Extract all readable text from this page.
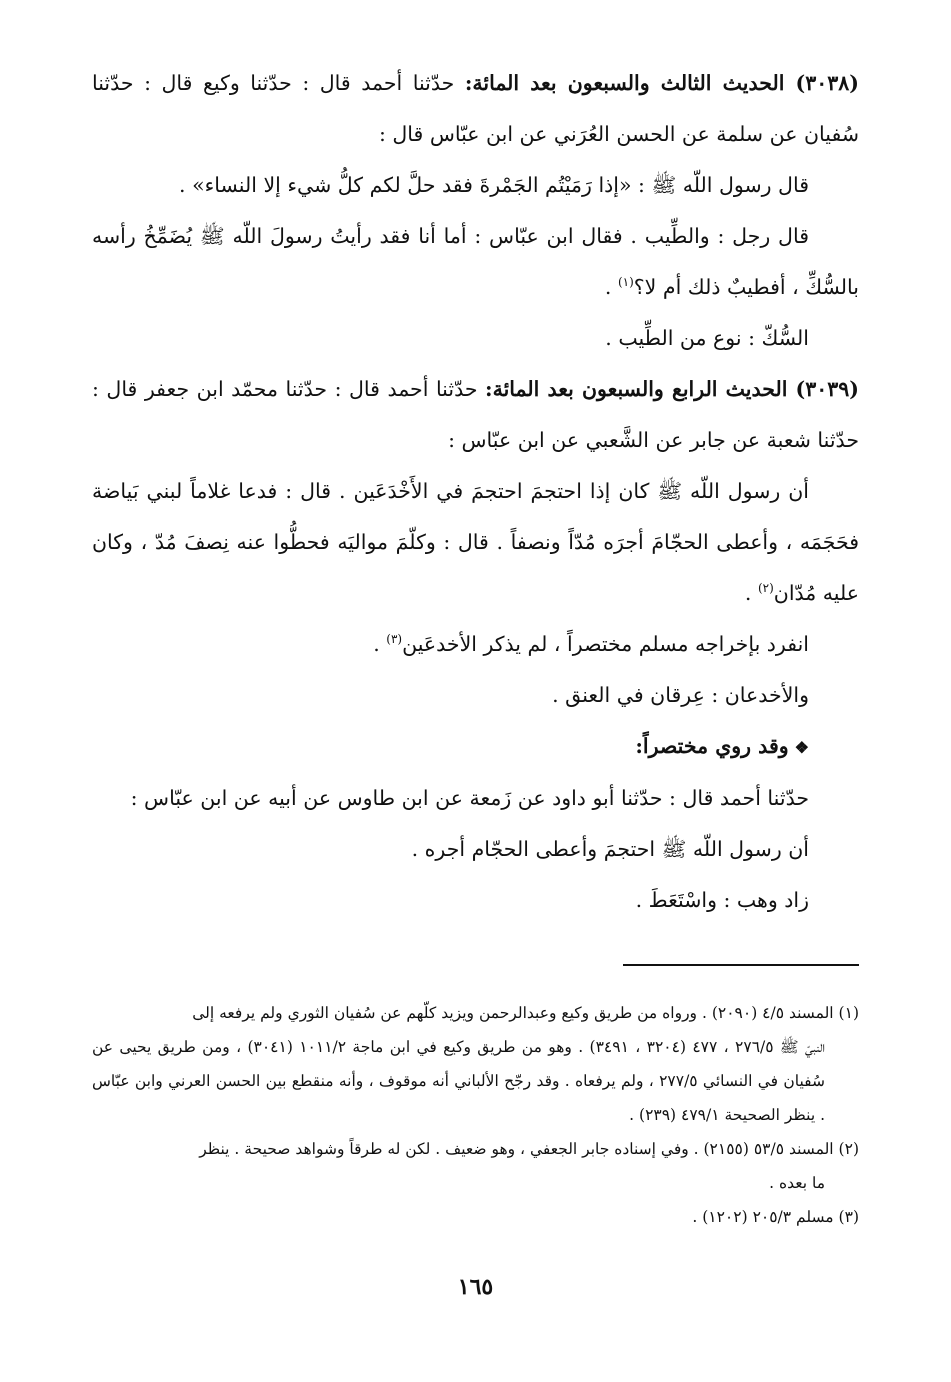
(٣٠٣٨) الحديث الثالث والسبعون بعد المائة: حدّثنا أحمد قال : حدّثنا وكيع قال : حدّثنا سُفيان عن سلمة عن الحسن العُرَني عن ابن عبّاس قال :

قال رسول اللّه ﷺ : «إذا رَمَيْتُم الجَمْرةَ فقد حلَّ لكم كلُّ شيء إلا النساء» .

قال رجل : والطِّيب . فقال ابن عبّاس : أما أنا فقد رأيتُ رسولَ اللّه ﷺ يُضَمِّخُ رأسه بالسُّكِّ ، أفطيبٌ ذلك أم لا؟$^{(١)}$ .

السُّكّ : نوع من الطِّيب .

(٣٠٣٩) الحديث الرابع والسبعون بعد المائة: حدّثنا أحمد قال : حدّثنا محمّد ابن جعفر قال : حدّثنا شعبة عن جابر عن الشَّعبي عن ابن عبّاس :

أن رسول اللّه ﷺ كان إذا احتجمَ احتجمَ في الأَخْدَعَين . قال : فدعا غلاماً لبني بَياضة فحَجَمَه ، وأعطى الحجّامَ أجرَه مُدّاً ونصفاً . قال : وكلّمَ مواليَه فحطُّوا عنه نِصفَ مُدّ ، وكان عليه مُدّان$^{(٢)}$ .

انفرد بإخراجه مسلم مختصراً ، لم يذكر الأخدعَين$^{(٣)}$ .

والأخدعان : عِرقان في العنق .

❖وقد روي مختصراً:

حدّثنا أحمد قال : حدّثنا أبو داود عن زَمعة عن ابن طاوس عن أبيه عن ابن عبّاس :

أن رسول اللّه ﷺ احتجمَ وأعطى الحجّام أجره .

زاد وهب : واسْتَعَطَ .

(١) المسند ٤/٥ (٢٠٩٠) . ورواه من طريق وكيع وعبدالرحمن ويزيد كلّهم عن سُفيان الثوري ولم يرفعه إلى

النبيّ ﷺ ٢٧٦/٥ ، ٤٧٧ (٣٢٠٤ ، ٣٤٩١) . وهو من طريق وكيع في ابن ماجة ١٠١١/٢ (٣٠٤١) ، ومن طريق يحيى عن سُفيان في النسائي ٢٧٧/٥ ، ولم يرفعاه . وقد رجّح الألباني أنه موقوف ، وأنه منقطع بين الحسن العرني وابن عبّاس . ينظر الصحيحة ٤٧٩/١ (٢٣٩) .

(٢) المسند ٥٣/٥ (٢١٥٥) . وفي إسناده جابر الجعفي ، وهو ضعيف . لكن له طرقاً وشواهد صحيحة . ينظر

ما بعده .

(٣) مسلم ٢٠٥/٣ (١٢٠٢) .

١٦٥
